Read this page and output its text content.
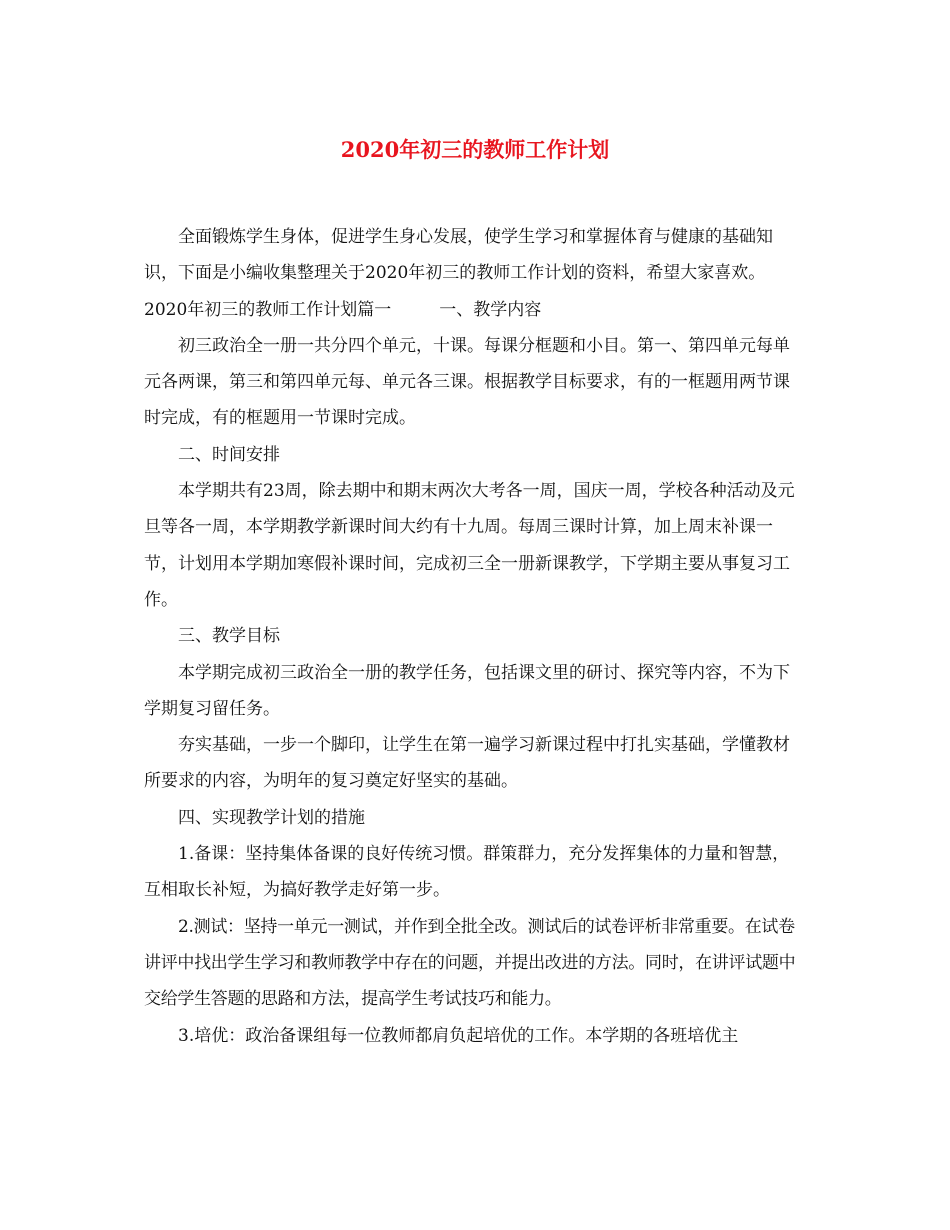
2020年初三的教师工作计划

全面锻炼学生身体，促进学生身心发展，使学生学习和掌握体育与健康的基础知识，下面是小编收集整理关于2020年初三的教师工作计划的资料，希望大家喜欢。

2020年初三的教师工作计划篇一	一、教学内容

初三政治全一册一共分四个单元，十课。每课分框题和小目。第一、第四单元每单元各两课，第三和第四单元每、单元各三课。根据教学目标要求，有的一框题用两节课时完成，有的框题用一节课时完成。

二、时间安排

本学期共有23周，除去期中和期末两次大考各一周，国庆一周，学校各种活动及元旦等各一周，本学期教学新课时间大约有十九周。每周三课时计算，加上周末补课一节，计划用本学期加寒假补课时间，完成初三全一册新课教学，下学期主要从事复习工作。

三、教学目标

本学期完成初三政治全一册的教学任务，包括课文里的研讨、探究等内容，不为下学期复习留任务。

夯实基础，一步一个脚印，让学生在第一遍学习新课过程中打扎实基础，学懂教材所要求的内容，为明年的复习奠定好坚实的基础。

四、实现教学计划的措施

1.备课：坚持集体备课的良好传统习惯。群策群力，充分发挥集体的力量和智慧，互相取长补短，为搞好教学走好第一步。

2.测试：坚持一单元一测试，并作到全批全改。测试后的试卷评析非常重要。在试卷讲评中找出学生学习和教师教学中存在的问题，并提出改进的方法。同时，在讲评试题中交给学生答题的思路和方法，提高学生考试技巧和能力。

3.培优：政治备课组每一位教师都肩负起培优的工作。本学期的各班培优主
